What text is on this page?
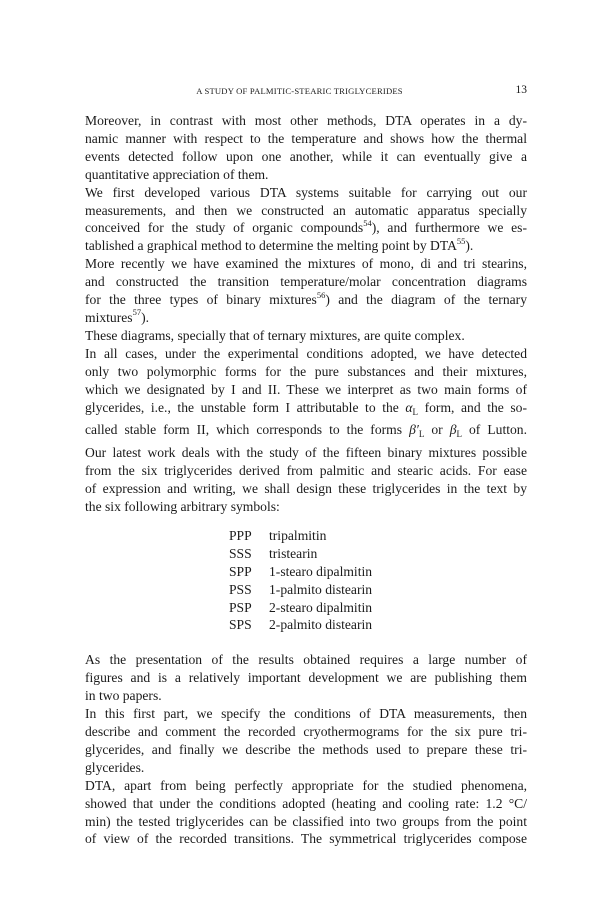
A STUDY OF PALMITIC-STEARIC TRIGLYCERIDES	13

Moreover, in contrast with most other methods, DTA operates in a dy-
namic manner with respect to the temperature and shows how the thermal
events detected follow upon one another, while it can eventually give a
quantitative appreciation of them.

We first developed various DTA systems suitable for carrying out our
measurements, and then we constructed an automatic apparatus specially
conceived for the study of organic compounds$^{54}$), and furthermore we es-
tablished a graphical method to determine the melting point by DTA$^{55}$).

More recently we have examined the mixtures of mono, di and tri stearins,
and constructed the transition temperature/molar concentration diagrams
for the three types of binary mixtures$^{56}$) and the diagram of the ternary
mixtures$^{57}$).

These diagrams, specially that of ternary mixtures, are quite complex.

In all cases, under the experimental conditions adopted, we have detected
only two polymorphic forms for the pure substances and their mixtures,
which we designated by I and II. These we interpret as two main forms of
glycerides, i.e., the unstable form I attributable to the $\alpha_L$ form, and the so-
called stable form II, which corresponds to the forms $\beta'_L$ or $\beta_L$ of Lutton.

Our latest work deals with the study of the fifteen binary mixtures possible
from the six triglycerides derived from palmitic and stearic acids. For ease
of expression and writing, we shall design these triglycerides in the text by
the six following arbitrary symbols:

PPP	tripalmitin
SSS	tristearin
SPP	1-stearo dipalmitin
PSS	1-palmito distearin
PSP	2-stearo dipalmitin
SPS	2-palmito distearin

As the presentation of the results obtained requires a large number of
figures and is a relatively important development we are publishing them
in two papers.

In this first part, we specify the conditions of DTA measurements, then
describe and comment the recorded cryothermograms for the six pure tri-
glycerides, and finally we describe the methods used to prepare these tri-
glycerides.

DTA, apart from being perfectly appropriate for the studied phenomena,
showed that under the conditions adopted (heating and cooling rate: 1.2 °C/
min) the tested triglycerides can be classified into two groups from the point
of view of the recorded transitions. The symmetrical triglycerides compose
